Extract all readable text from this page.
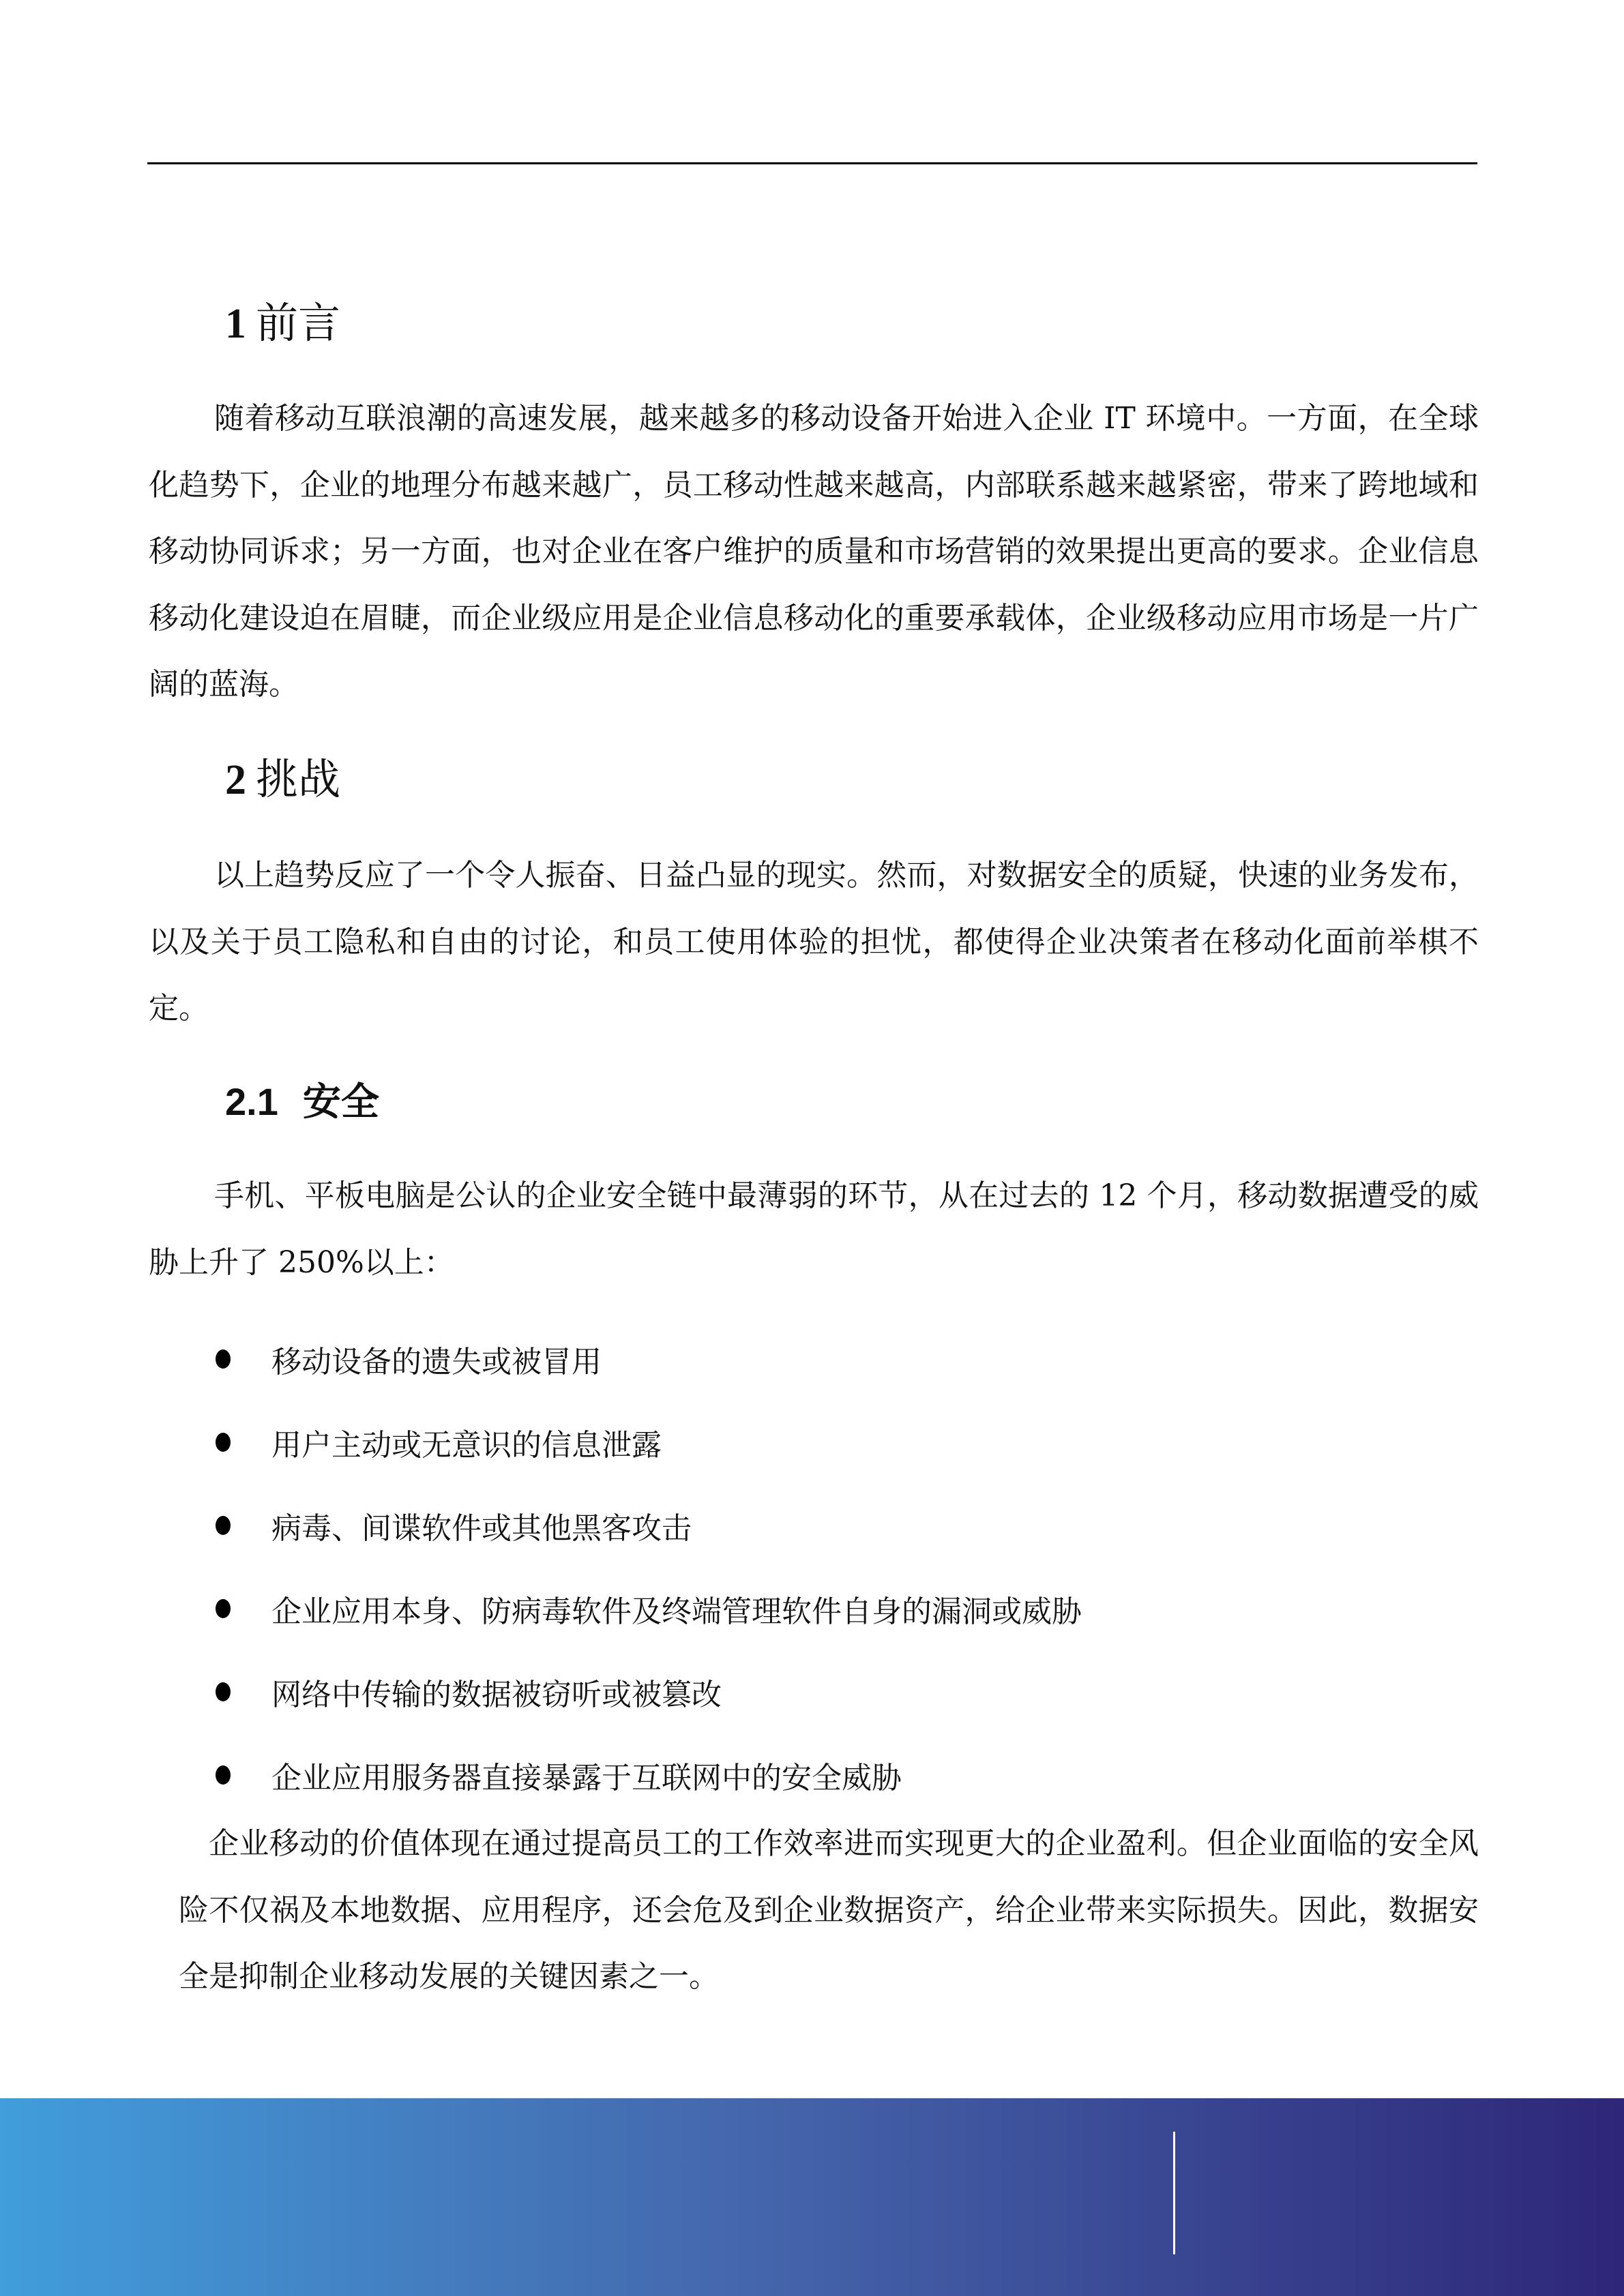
1 前言

随着移动互联浪潮的高速发展，越来越多的移动设备开始进入企业 IT 环境中。一方面，在全球化趋势下，企业的地理分布越来越广，员工移动性越来越高，内部联系越来越紧密，带来了跨地域和移动协同诉求；另一方面，也对企业在客户维护的质量和市场营销的效果提出更高的要求。企业信息移动化建设迫在眉睫，而企业级应用是企业信息移动化的重要承载体，企业级移动应用市场是一片广阔的蓝海。

2 挑战

以上趋势反应了一个令人振奋、日益凸显的现实。然而，对数据安全的质疑，快速的业务发布，以及关于员工隐私和自由的讨论，和员工使用体验的担忧，都使得企业决策者在移动化面前举棋不定。

2.1 安全

手机、平板电脑是公认的企业安全链中最薄弱的环节，从在过去的 12 个月，移动数据遭受的威胁上升了 250%以上：

移动设备的遗失或被冒用
用户主动或无意识的信息泄露
病毒、间谍软件或其他黑客攻击
企业应用本身、防病毒软件及终端管理软件自身的漏洞或威胁
网络中传输的数据被窃听或被篡改
企业应用服务器直接暴露于互联网中的安全威胁

企业移动的价值体现在通过提高员工的工作效率进而实现更大的企业盈利。但企业面临的安全风险不仅祸及本地数据、应用程序，还会危及到企业数据资产，给企业带来实际损失。因此，数据安全是抑制企业移动发展的关键因素之一。
